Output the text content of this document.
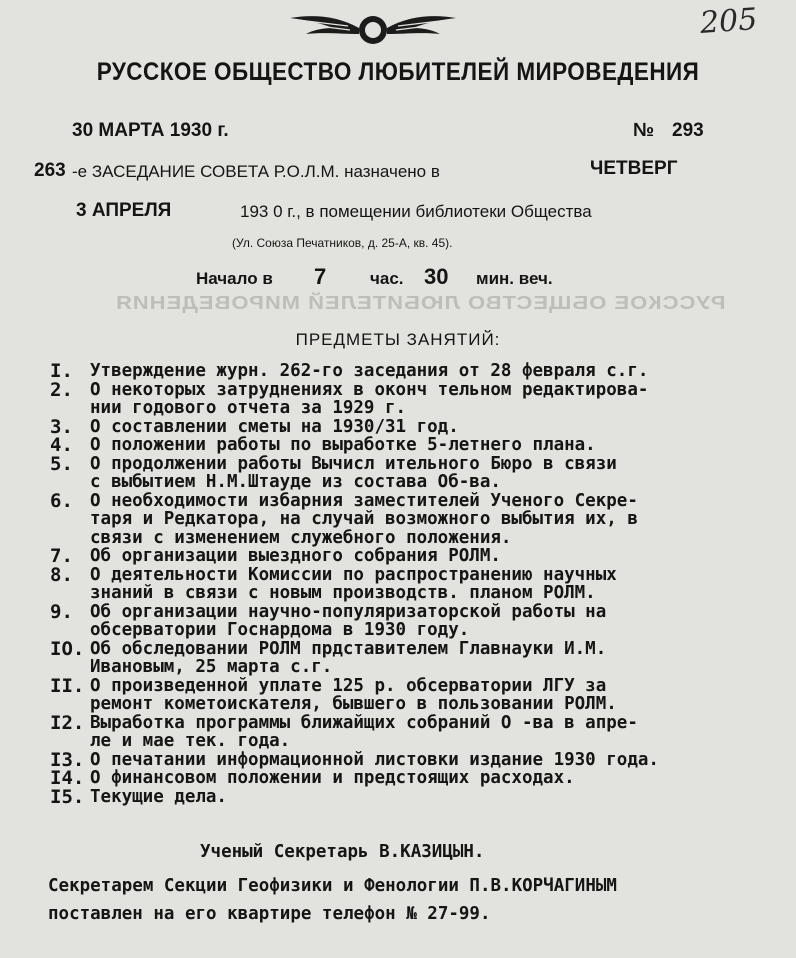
205
РУССКОЕ ОБЩЕСТВО ЛЮБИТЕЛЕЙ МИРОВЕДЕНИЯ
30 МАРТА 1930 г.	№ 293
263 -е ЗАСЕДАНИЕ СОВЕТА Р.О.Л.М. назначено в	ЧЕТВЕРГ
3 АПРЕЛЯ	193 0 г., в помещении библиотеки Общества
(Ул. Союза Печатников, д. 25-А, кв. 45).
Начало в 7	час. 30 мин. веч.
РУССКОЕ ОБЩЕСТВО ЛЮБИТЕЛЕЙ МИРОВЕДЕНИЯ
ПРЕДМЕТЫ ЗАНЯТИЙ:
I. Утверждение журн. 262-го заседания от 28 февраля с.г.
2. О некоторых затруднениях в оконч тельном редактирова-
нии годового отчета за 1929 г.
3. О составлении сметы на 1930/31 год.
4. О положении работы по выработке 5-летнего плана.
5. О продолжении работы Вычисл ительного Бюро в связи
с выбытием Н.М.Штауде из состава Об-ва.
6. О необходимости избарния заместителей Ученого Секре-
таря и Редкатора, на случай возможного выбытия их, в
связи с изменением служебного положения.
7. Об организации выездного собрания РОЛМ.
8. О деятельности Комиссии по распространению научных
знаний в связи с новым производств. планом РОЛМ.
9. Об организации научно-популяризаторской работы на
обсерватории Госнардома в 1930 году.
IO. Об обследовании РОЛМ прдставителем Главнауки И.М.
Ивановым, 25 марта с.г.
II. О произведенной уплате 125 р. обсерватории ЛГУ за
ремонт кометоискателя, бывшего в пользовании РОЛМ.
I2. Выработка программы ближайщих собраний О -ва в апре-
ле и мае тек. года.
I3. О печатании информационной листовки издание 1930 года.
I4. О финансовом положении и предстоящих расходах.
I5. Текущие дела.
Ученый Секретарь В.КАЗИЦЫН.
Секретарем Секции Геофизики и Фенологии П.В.КОРЧАГИНЫМ
поставлен на его квартире телефон № 27-99.
